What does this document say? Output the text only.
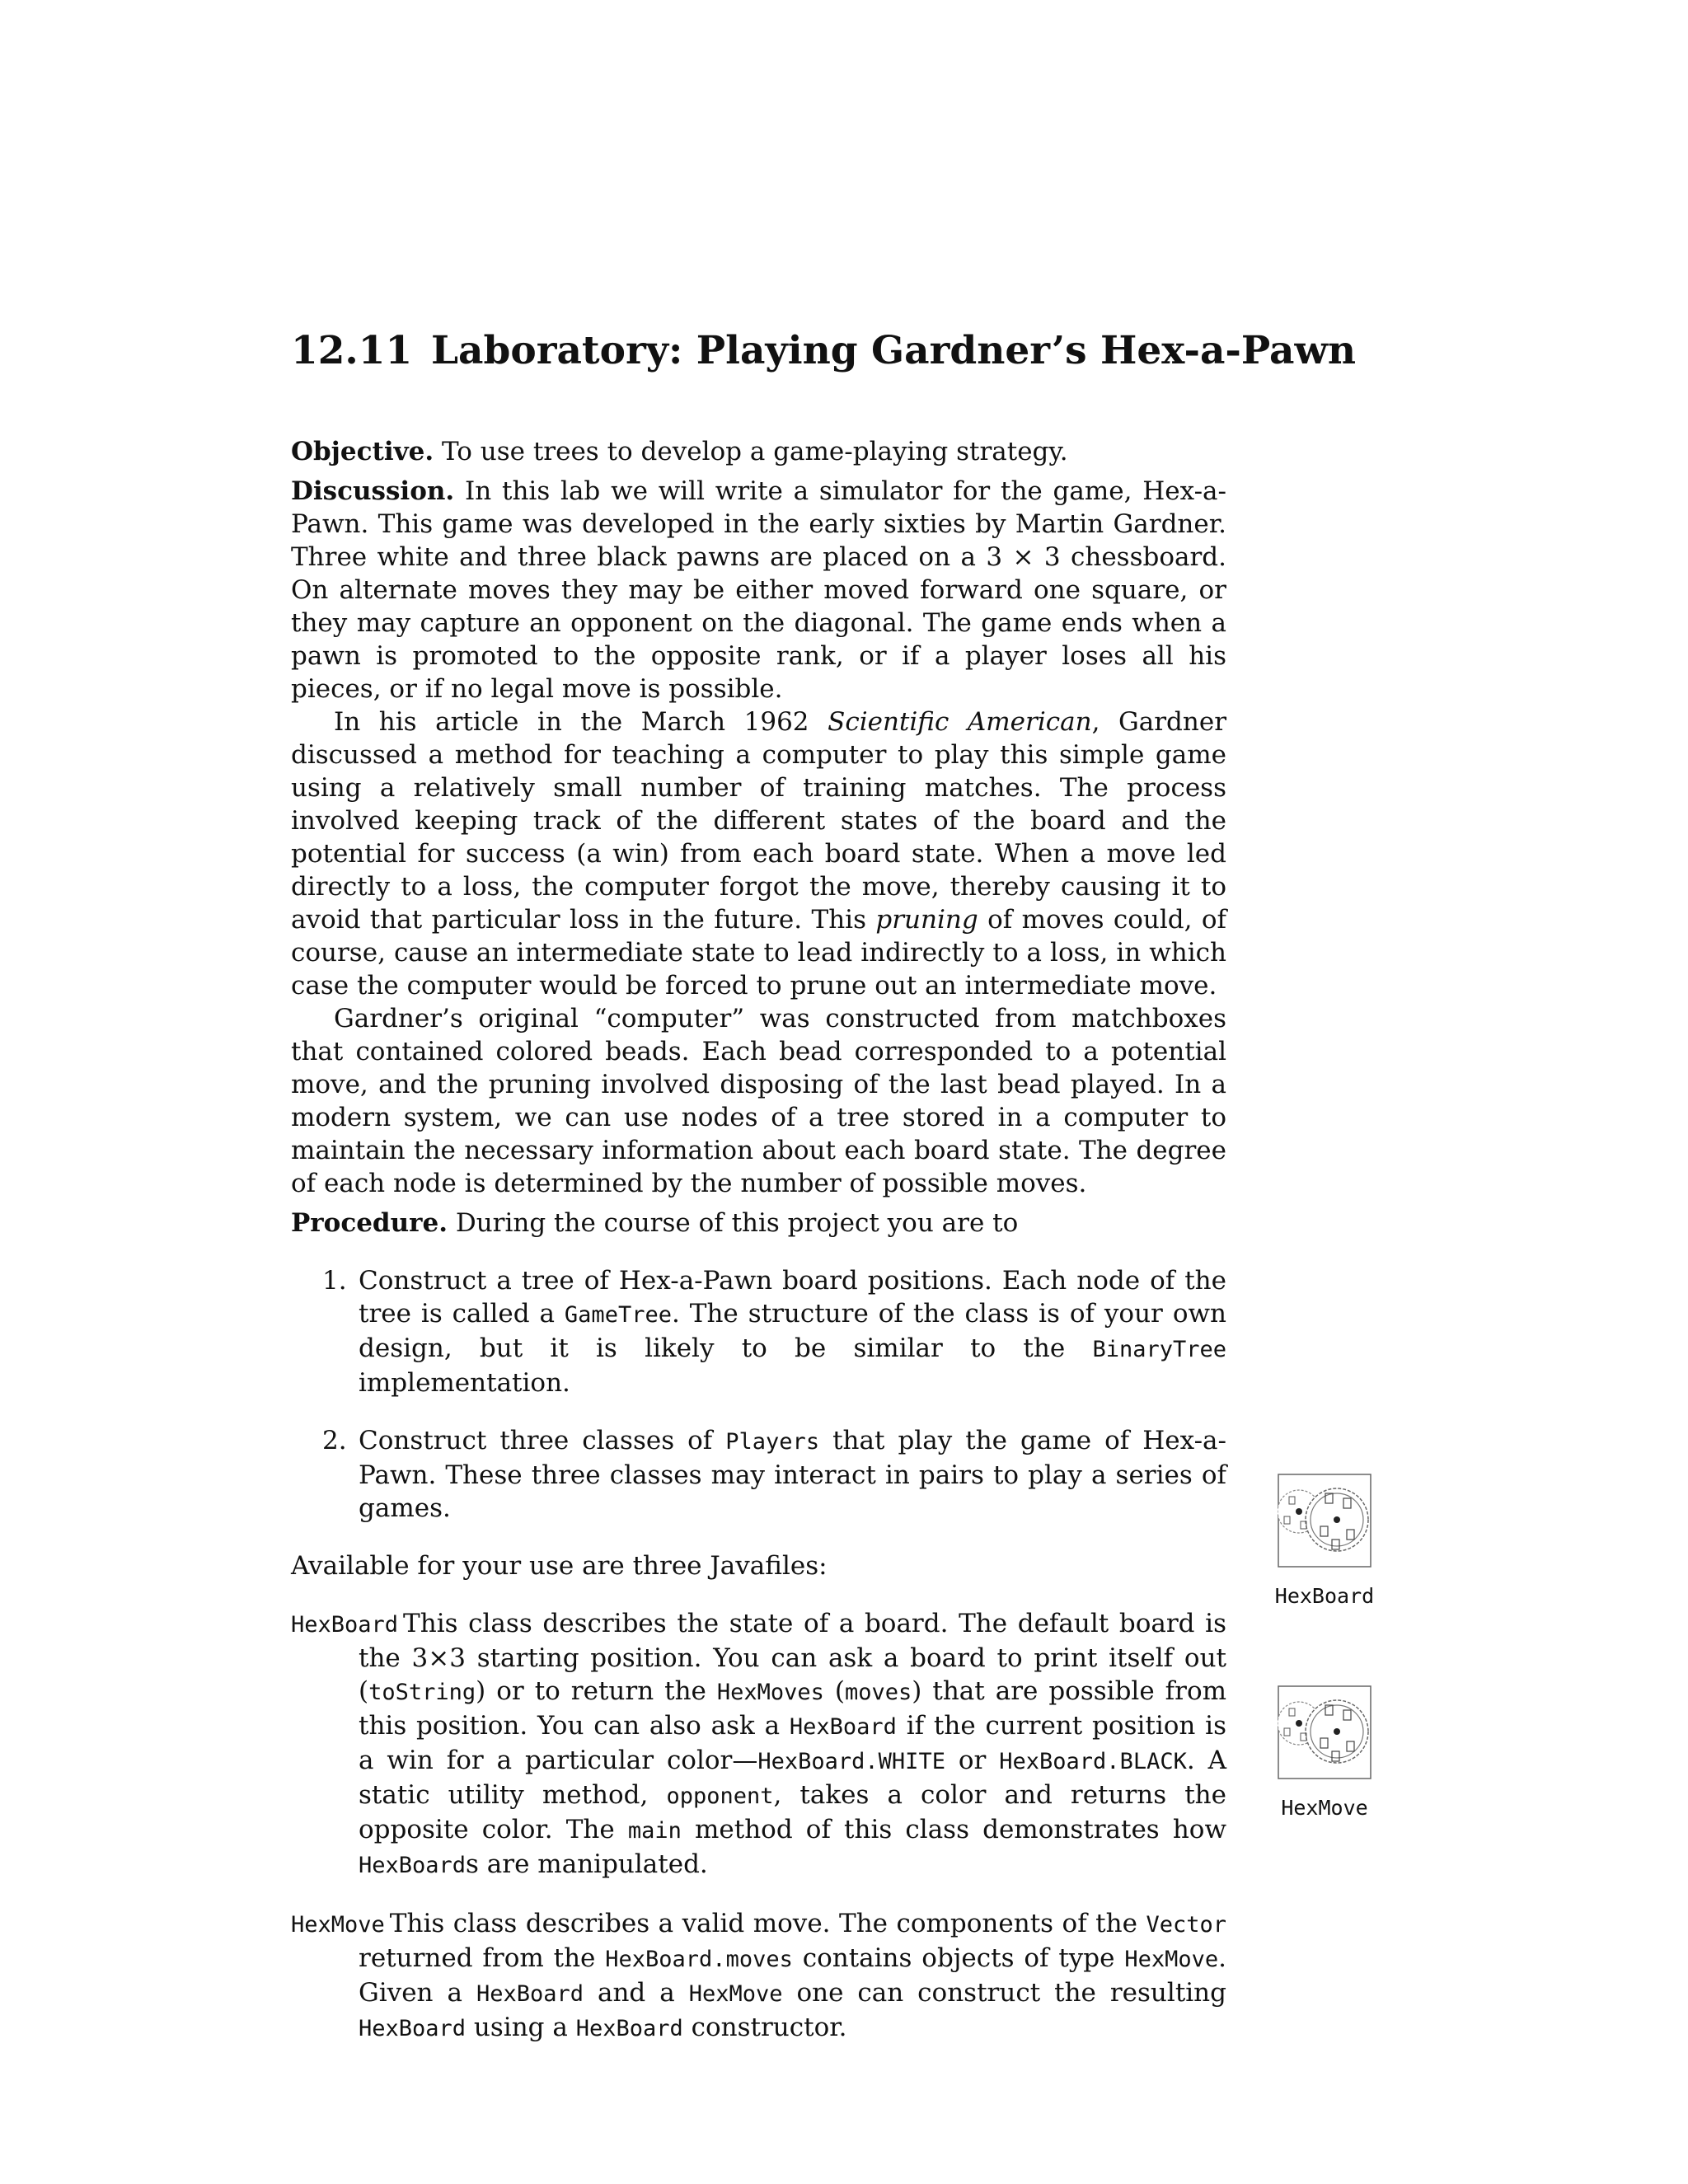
12.11 Laboratory: Playing Gardner’s Hex-a-Pawn

Objective. To use trees to develop a game-playing strategy.

Discussion. In this lab we will write a simulator for the game, Hex-a-Pawn. This game was developed in the early sixties by Martin Gardner. Three white and three black pawns are placed on a 3 × 3 chessboard. On alternate moves they may be either moved forward one square, or they may capture an opponent on the diagonal. The game ends when a pawn is promoted to the opposite rank, or if a player loses all his pieces, or if no legal move is possible.

In his article in the March 1962 Scientific American, Gardner discussed a method for teaching a computer to play this simple game using a relatively small number of training matches. The process involved keeping track of the different states of the board and the potential for success (a win) from each board state. When a move led directly to a loss, the computer forgot the move, thereby causing it to avoid that particular loss in the future. This pruning of moves could, of course, cause an intermediate state to lead indirectly to a loss, in which case the computer would be forced to prune out an intermediate move.

Gardner’s original “computer” was constructed from matchboxes that contained colored beads. Each bead corresponded to a potential move, and the pruning involved disposing of the last bead played. In a modern system, we can use nodes of a tree stored in a computer to maintain the necessary information about each board state. The degree of each node is determined by the number of possible moves.

Procedure. During the course of this project you are to

1. Construct a tree of Hex-a-Pawn board positions. Each node of the tree is called a GameTree. The structure of the class is of your own design, but it is likely to be similar to the BinaryTree implementation.
2. Construct three classes of Players that play the game of Hex-a-Pawn. These three classes may interact in pairs to play a series of games.

Available for your use are three Javafiles:

HexBoard This class describes the state of a board. The default board is the 3×3 starting position. You can ask a board to print itself out (toString) or to return the HexMoves (moves) that are possible from this position. You can also ask a HexBoard if the current position is a win for a particular color—HexBoard.WHITE or HexBoard.BLACK. A static utility method, opponent, takes a color and returns the opposite color. The main method of this class demonstrates how HexBoards are manipulated.

HexMove This class describes a valid move. The components of the Vector returned from the HexBoard.moves contains objects of type HexMove. Given a HexBoard and a HexMove one can construct the resulting HexBoard using a HexBoard constructor.

HexBoard
HexMove
